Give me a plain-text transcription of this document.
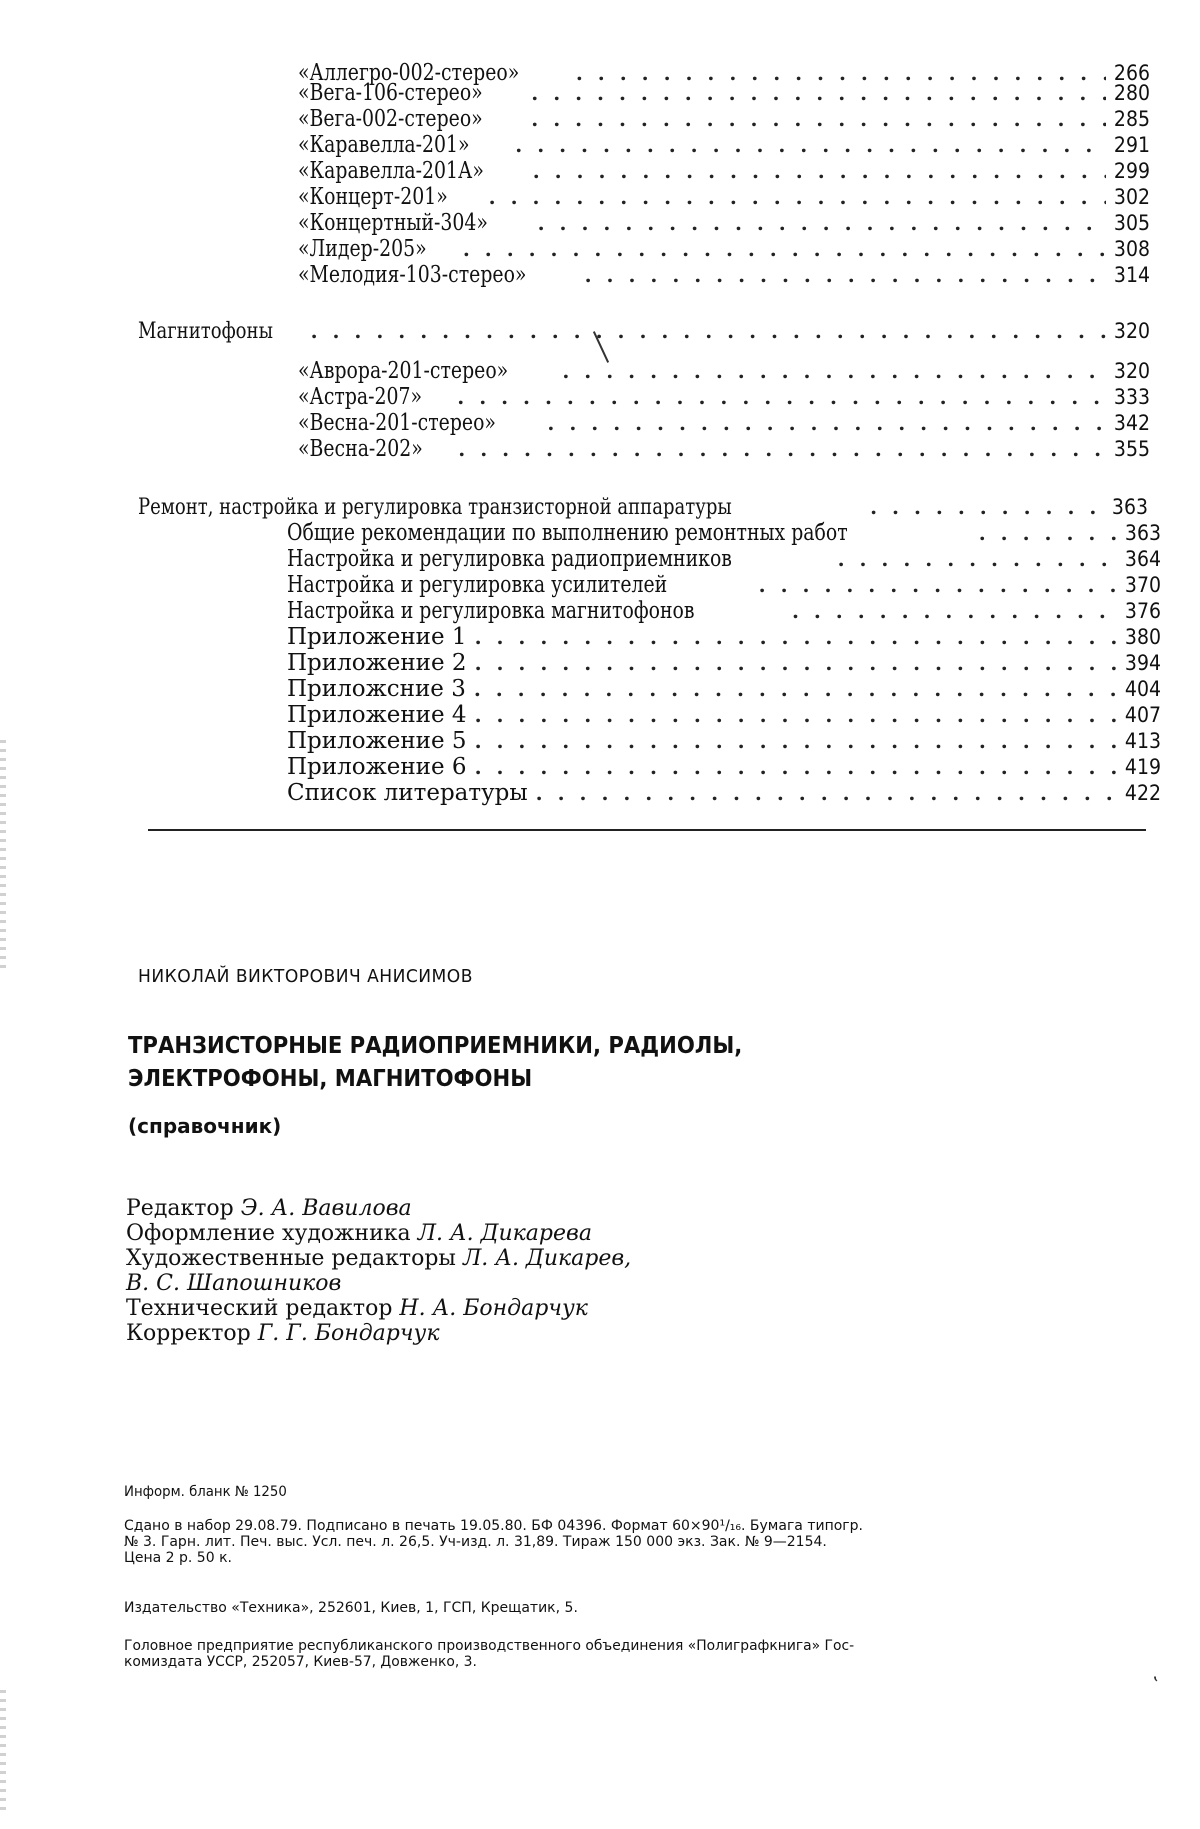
«Аллегро-002-стерео»
. . .	266
«Вега-106-стерео»
. . .	280
«Вега-002-стерео»
. . .	285
«Каравелла-201»
. . .	291
«Каравелла-201А»
. . .	299
«Концерт-201»
. . .	302
«Концертный-304»
. . .	305
«Лидер-205»
. . .	308
«Мелодия-103-стерео»
. . .	314
Магнитофоны
. . .	320
«Аврора-201-стерео»
. . .	320
«Астра-207»
. . .	333
«Весна-201-стерео»
. . .	342
«Весна-202»
. . .	355
Ремонт, настройка и регулировка транзисторной аппаратуры
. . .	363
Общие рекомендации по выполнению ремонтных работ
. . .	363
Настройка и регулировка радиоприемников
. . .	364
Настройка и регулировка усилителей
. . .	370
Настройка и регулировка магнитофонов
. . .	376
Приложение 1
. . .	380
Приложение 2
. . .	394
Приложсние 3
. . .	404
Приложение 4
. . .	407
Приложение 5
. . .	413
Приложение 6
. . .	419
Список литературы
. . .	422
НИКОЛАЙ ВИКТОРОВИЧ АНИСИМОВ
ТРАНЗИСТОРНЫЕ РАДИОПРИЕМНИКИ, РАДИОЛЫ,
ЭЛЕКТРОФОНЫ, МАГНИТОФОНЫ
(справочник)
Редактор Э. А. Вавилова
Оформление художника Л. А. Дикарева
Художественные редакторы Л. А. Дикарев,
В. С. Шапошников
Технический редактор Н. А. Бондарчук
Корректор Г. Г. Бондарчук
Информ. бланк № 1250
Сдано в набор 29.08.79. Подписано в печать 19.05.80. БФ 04396. Формат 60×90¹/₁₆. Бумага типогр.
№ 3. Гарн. лит. Печ. выс. Усл. печ. л. 26,5. Уч-изд. л. 31,89. Тираж 150 000 экз. Зак. № 9—2154.
Цена 2 р. 50 к.
Издательство «Техника», 252601, Киев, 1, ГСП, Крещатик, 5.
Головное предприятие республиканского производственного объединения «Полиграфкнига» Гос-
комиздата УССР, 252057, Киев-57, Довженко, 3.
ʽ
